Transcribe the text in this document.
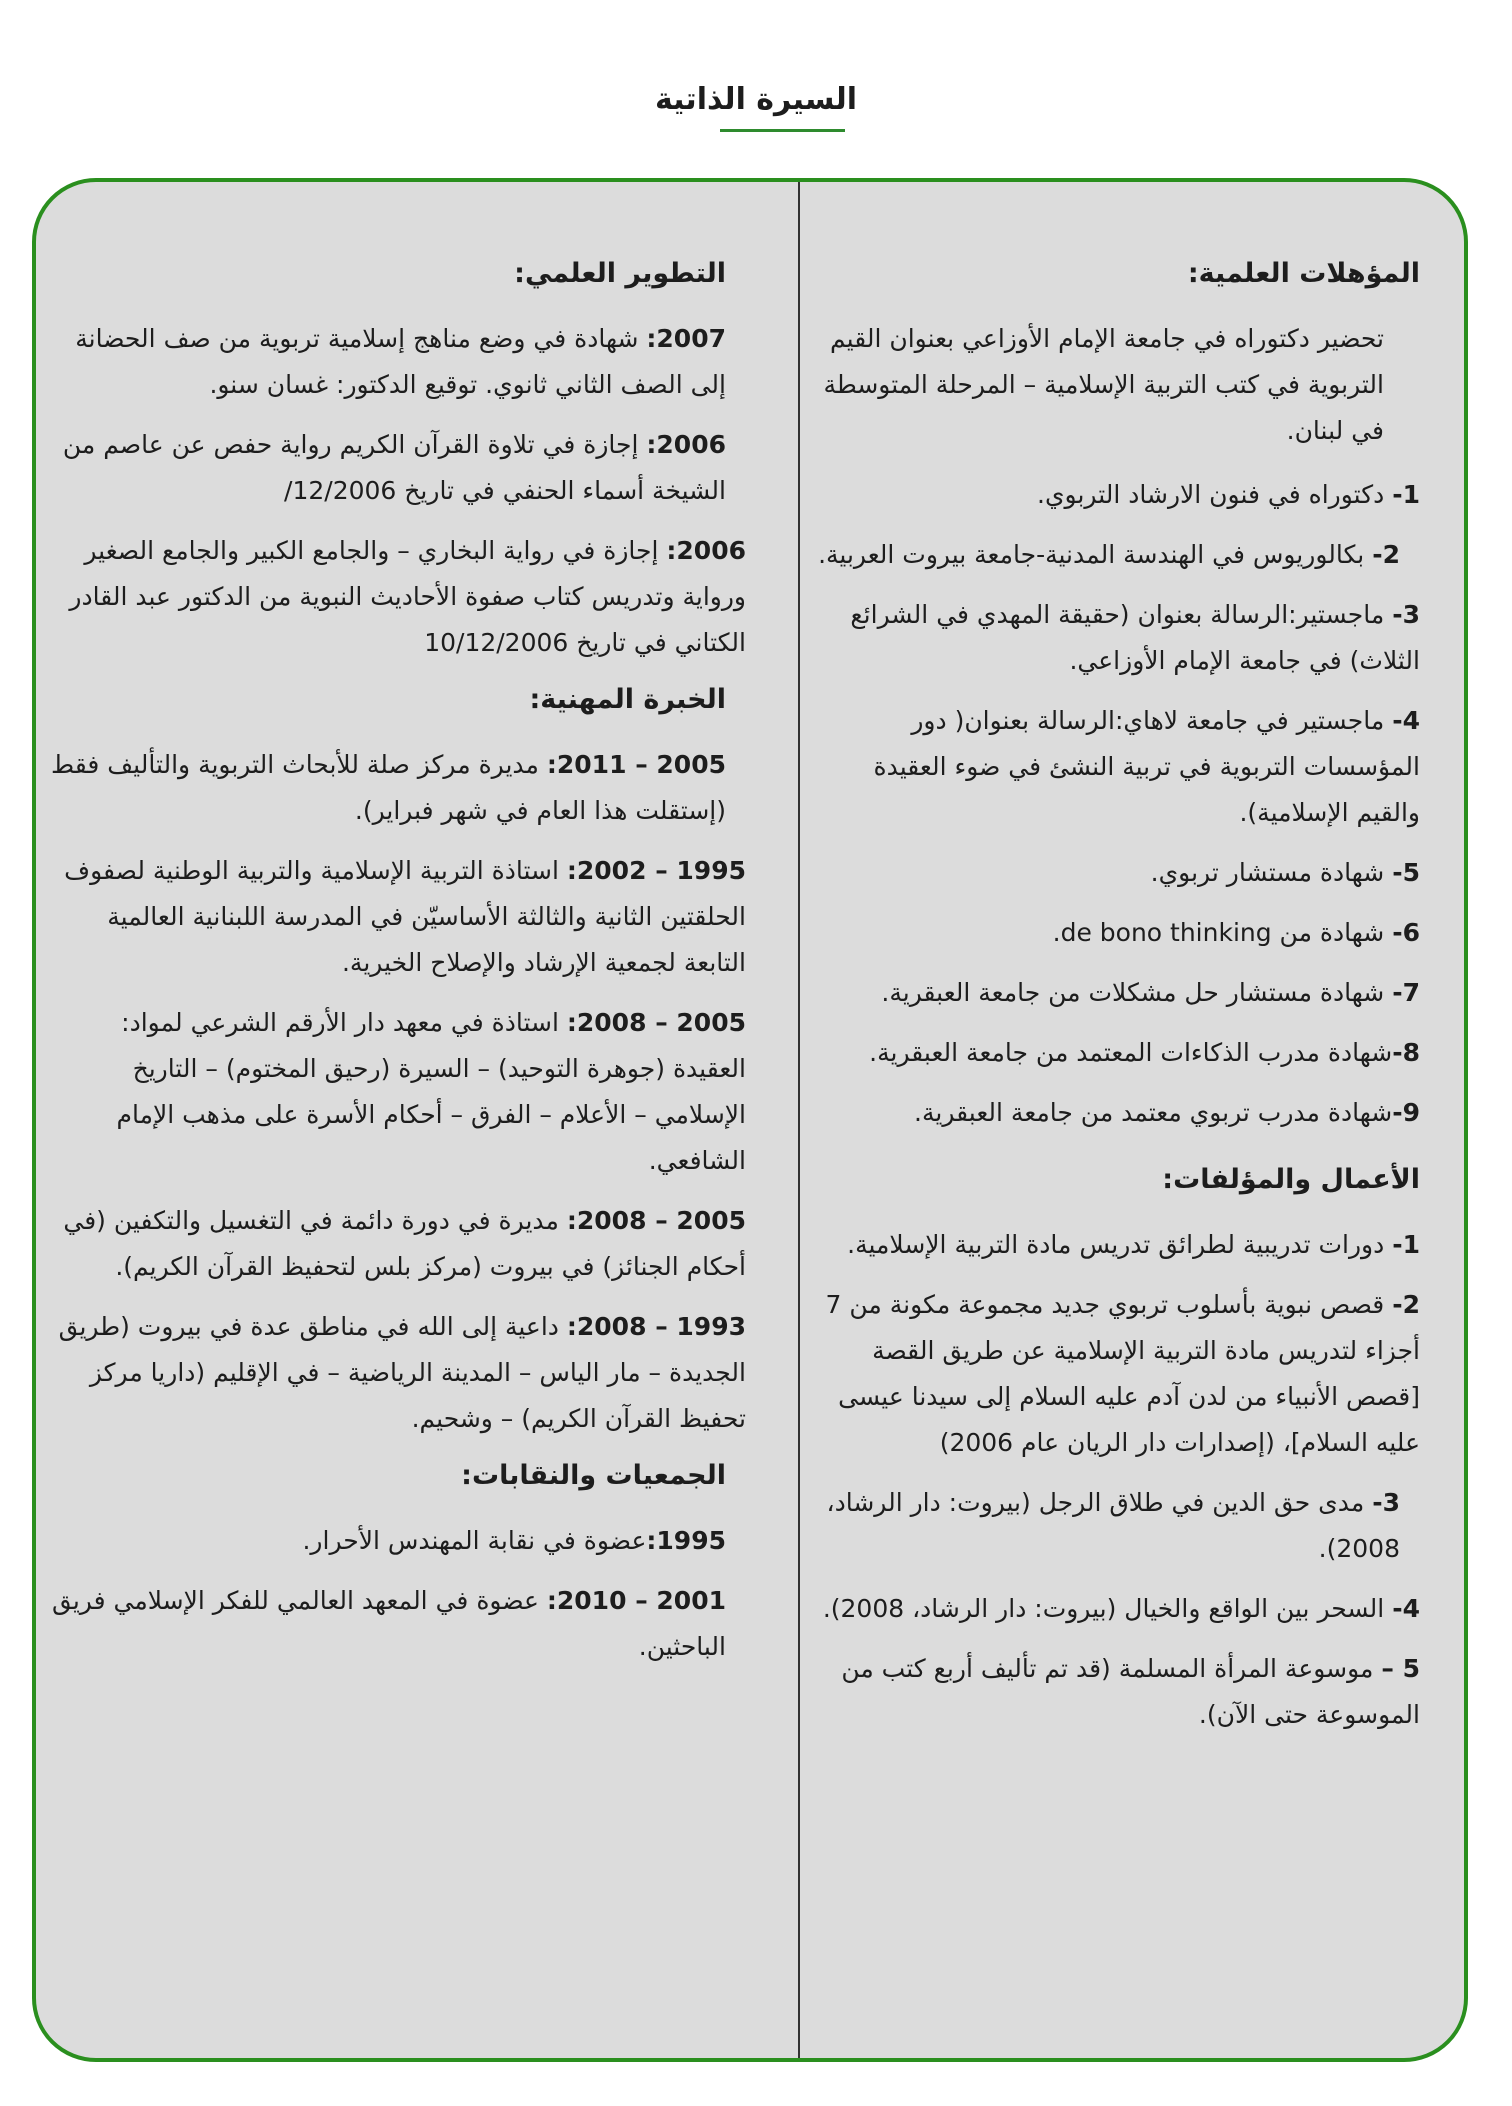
السيرة الذاتية
المؤهلات العلمية:

تحضير دكتوراه في جامعة الإمام الأوزاعي بعنوان القيم التربوية في كتب التربية الإسلامية – المرحلة المتوسطة في لبنان.

1- دكتوراه في فنون الارشاد التربوي.

2- بكالوريوس في الهندسة المدنية-جامعة بيروت العربية.

3- ماجستير:الرسالة بعنوان (حقيقة المهدي في الشرائع الثلاث) في جامعة الإمام الأوزاعي.

4- ماجستير في جامعة لاهاي:الرسالة بعنوان( دور المؤسسات التربوية في تربية النشئ في ضوء العقيدة والقيم الإسلامية).

5- شهادة مستشار تربوي.

6- شهادة من de bono thinking.

7- شهادة مستشار حل مشكلات من جامعة العبقرية.

8-شهادة مدرب الذكاءات المعتمد من جامعة العبقرية.

9-شهادة مدرب تربوي معتمد من جامعة العبقرية.

الأعمال والمؤلفات:

1- دورات تدريبية لطرائق تدريس مادة التربية الإسلامية.

2- قصص نبوية بأسلوب تربوي جديد مجموعة مكونة من 7 أجزاء لتدريس مادة التربية الإسلامية عن طريق القصة [قصص الأنبياء من لدن آدم عليه السلام إلى سيدنا عيسى عليه السلام]، (إصدارات دار الريان عام 2006)

3- مدى حق الدين في طلاق الرجل (بيروت: دار الرشاد، 2008).

4- السحر بين الواقع والخيال (بيروت: دار الرشاد، 2008).

5 – موسوعة المرأة المسلمة (قد تم تأليف أربع كتب من الموسوعة حتى الآن).

التطوير العلمي:

2007: شهادة في وضع مناهج إسلامية تربوية من صف الحضانة إلى الصف الثاني ثانوي. توقيع الدكتور: غسان سنو.

2006: إجازة في تلاوة القرآن الكريم رواية حفص عن عاصم من الشيخة أسماء الحنفي في تاريخ 12/2006/

2006: إجازة في رواية البخاري – والجامع الكبير والجامع الصغير ورواية وتدريس كتاب صفوة الأحاديث النبوية من الدكتور عبد القادر الكتاني في تاريخ 10/12/2006

الخبرة المهنية:

2005 – 2011: مديرة مركز صلة للأبحاث التربوية والتأليف فقط (إستقلت هذا العام في شهر فبراير).

1995 – 2002: استاذة التربية الإسلامية والتربية الوطنية لصفوف الحلقتين الثانية والثالثة الأساسيّن في المدرسة اللبنانية العالمية التابعة لجمعية الإرشاد والإصلاح الخيرية.

2005 – 2008: استاذة في معهد دار الأرقم الشرعي لمواد: العقيدة (جوهرة التوحيد) – السيرة (رحيق المختوم) – التاريخ الإسلامي – الأعلام – الفرق – أحكام الأسرة على مذهب الإمام الشافعي.

2005 – 2008: مديرة في دورة دائمة في التغسيل والتكفين (في أحكام الجنائز) في بيروت (مركز بلس لتحفيظ القرآن الكريم).

1993 – 2008: داعية إلى الله في مناطق عدة في بيروت (طريق الجديدة – مار الياس – المدينة الرياضية – في الإقليم (داريا مركز تحفيظ القرآن الكريم) – وشحيم.

الجمعيات والنقابات:

1995:عضوة في نقابة المهندس الأحرار.

2001 – 2010: عضوة في المعهد العالمي للفكر الإسلامي فريق الباحثين.
